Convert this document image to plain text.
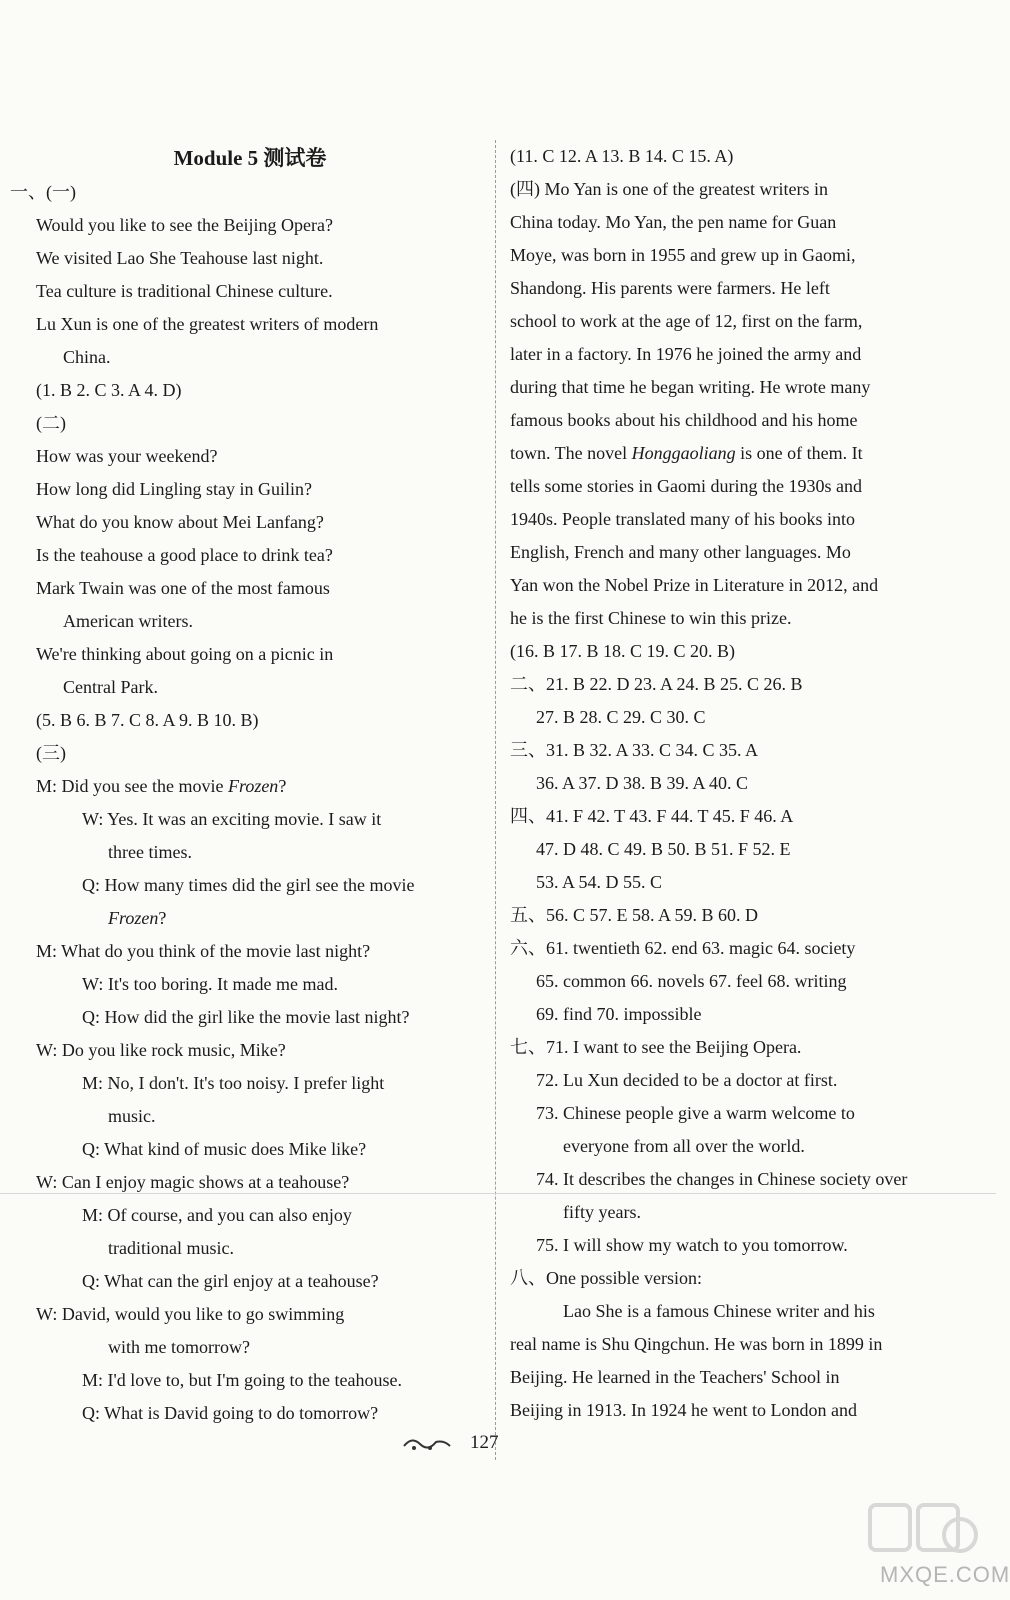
Module 5 测试卷
一、(一)
Would you like to see the Beijing Opera?
We visited Lao She Teahouse last night.
Tea culture is traditional Chinese culture.
Lu Xun is one of the greatest writers of modern
China.
(1. B 2. C 3. A 4. D)
(二)
How was your weekend?
How long did Lingling stay in Guilin?
What do you know about Mei Lanfang?
Is the teahouse a good place to drink tea?
Mark Twain was one of the most famous
American writers.
We're thinking about going on a picnic in
Central Park.
(5. B 6. B 7. C 8. A 9. B 10. B)
(三)
M: Did you see the movie Frozen?
W: Yes. It was an exciting movie. I saw it
three times.
Q: How many times did the girl see the movie
Frozen?
M: What do you think of the movie last night?
W: It's too boring. It made me mad.
Q: How did the girl like the movie last night?
W: Do you like rock music, Mike?
M: No, I don't. It's too noisy. I prefer light
music.
Q: What kind of music does Mike like?
W: Can I enjoy magic shows at a teahouse?
M: Of course, and you can also enjoy
traditional music.
Q: What can the girl enjoy at a teahouse?
W: David, would you like to go swimming
with me tomorrow?
M: I'd love to, but I'm going to the teahouse.
Q: What is David going to do tomorrow?
(11. C 12. A 13. B 14. C 15. A)
(四) Mo Yan is one of the greatest writers in
China today. Mo Yan, the pen name for Guan
Moye, was born in 1955 and grew up in Gaomi,
Shandong. His parents were farmers. He left
school to work at the age of 12, first on the farm,
later in a factory. In 1976 he joined the army and
during that time he began writing. He wrote many
famous books about his childhood and his home
town. The novel Honggaoliang is one of them. It
tells some stories in Gaomi during the 1930s and
1940s. People translated many of his books into
English, French and many other languages. Mo
Yan won the Nobel Prize in Literature in 2012, and
he is the first Chinese to win this prize.
(16. B 17. B 18. C 19. C 20. B)
二、21. B 22. D 23. A 24. B 25. C 26. B
27. B 28. C 29. C 30. C
三、31. B 32. A 33. C 34. C 35. A
36. A 37. D 38. B 39. A 40. C
四、41. F 42. T 43. F 44. T 45. F 46. A
47. D 48. C 49. B 50. B 51. F 52. E
53. A 54. D 55. C
五、56. C 57. E 58. A 59. B 60. D
六、61. twentieth 62. end 63. magic 64. society
65. common 66. novels 67. feel 68. writing
69. find 70. impossible
七、71. I want to see the Beijing Opera.
72. Lu Xun decided to be a doctor at first.
73. Chinese people give a warm welcome to
everyone from all over the world.
74. It describes the changes in Chinese society over
fifty years.
75. I will show my watch to you tomorrow.
八、One possible version:
Lao She is a famous Chinese writer and his
real name is Shu Qingchun. He was born in 1899 in
Beijing. He learned in the Teachers' School in
Beijing in 1913. In 1924 he went to London and
127
MXQE.COM
